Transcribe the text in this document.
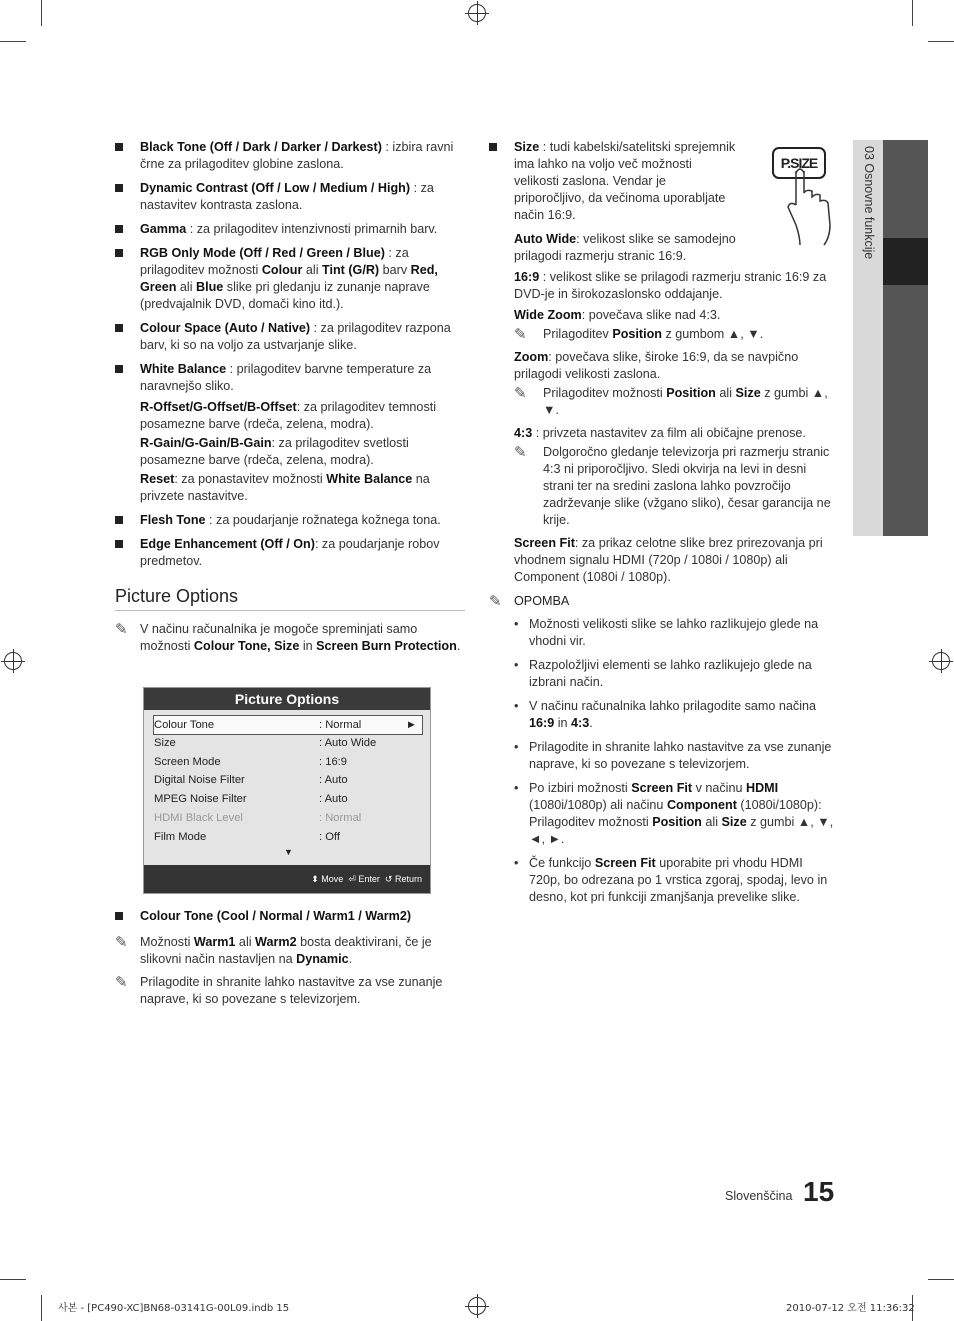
03 Osnovne funkcije
Black Tone (Off / Dark / Darker / Darkest) : izbira ravni črne za prilagoditev globine zaslona.
Dynamic Contrast (Off / Low / Medium / High) : za nastavitev kontrasta zaslona.
Gamma : za prilagoditev intenzivnosti primarnih barv.
RGB Only Mode (Off / Red / Green / Blue) : za prilagoditev možnosti Colour ali Tint (G/R) barv Red, Green ali Blue slike pri gledanju iz zunanje naprave (predvajalnik DVD, domači kino itd.).
Colour Space (Auto / Native) : za prilagoditev razpona barv, ki so na voljo za ustvarjanje slike.
White Balance : prilagoditev barvne temperature za naravnejšo sliko.
R-Offset/G-Offset/B-Offset: za prilagoditev temnosti posamezne barve (rdeča, zelena, modra).
R-Gain/G-Gain/B-Gain: za prilagoditev svetlosti posamezne barve (rdeča, zelena, modra).
Reset: za ponastavitev možnosti White Balance na privzete nastavitve.
Flesh Tone : za poudarjanje rožnatega kožnega tona.
Edge Enhancement (Off / On): za poudarjanje robov predmetov.
Picture Options
✎ V načinu računalnika je mogoče spreminjati samo možnosti Colour Tone, Size in Screen Burn Protection.
Picture Options
Colour Tone	: Normal	►
Size	: Auto Wide
Screen Mode	: 16:9
Digital Noise Filter	: Auto
MPEG Noise Filter	: Auto
HDMI Black Level	: Normal
Film Mode	: Off
▼
⬍ Move ⏎ Enter ↺ Return
Colour Tone (Cool / Normal / Warm1 / Warm2)
✎ Možnosti Warm1 ali Warm2 bosta deaktivirani, če je slikovni način nastavljen na Dynamic.
✎ Prilagodite in shranite lahko nastavitve za vse zunanje naprave, ki so povezane s televizorjem.
P.SIZE
Size : tudi kabelski/satelitski sprejemnik ima lahko na voljo več možnosti velikosti zaslona. Vendar je priporočljivo, da večinoma uporabljate način 16:9.
Auto Wide: velikost slike se samodejno prilagodi razmerju stranic 16:9.
16:9 : velikost slike se prilagodi razmerju stranic 16:9 za DVD-je in širokozaslonsko oddajanje.
Wide Zoom: povečava slike nad 4:3.
✎ Prilagoditev Position z gumbom ▲, ▼.
Zoom: povečava slike, široke 16:9, da se navpično prilagodi velikosti zaslona.
✎ Prilagoditev možnosti Position ali Size z gumbi ▲, ▼.
4:3 : privzeta nastavitev za film ali običajne prenose.
✎ Dolgoročno gledanje televizorja pri razmerju stranic 4:3 ni priporočljivo. Sledi okvirja na levi in desni strani ter na sredini zaslona lahko povzročijo zadrževanje slike (vžgano sliko), česar garancija ne krije.
Screen Fit: za prikaz celotne slike brez prirezovanja pri vhodnem signalu HDMI (720p / 1080i / 1080p) ali Component (1080i / 1080p).
✎ OPOMBA
• Možnosti velikosti slike se lahko razlikujejo glede na vhodni vir.
• Razpoložljivi elementi se lahko razlikujejo glede na izbrani način.
• V načinu računalnika lahko prilagodite samo načina 16:9 in 4:3.
• Prilagodite in shranite lahko nastavitve za vse zunanje naprave, ki so povezane s televizorjem.
• Po izbiri možnosti Screen Fit v načinu HDMI (1080i/1080p) ali načinu Component (1080i/1080p): Prilagoditev možnosti Position ali Size z gumbi ▲, ▼, ◄, ►.
• Če funkcijo Screen Fit uporabite pri vhodu HDMI 720p, bo odrezana po 1 vrstica zgoraj, spodaj, levo in desno, kot pri funkciji zmanjšanja prevelike slike.
Slovenščina 15
사본 - [PC490-XC]BN68-03141G-00L09.indb 15	2010-07-12 오전 11:36:32
